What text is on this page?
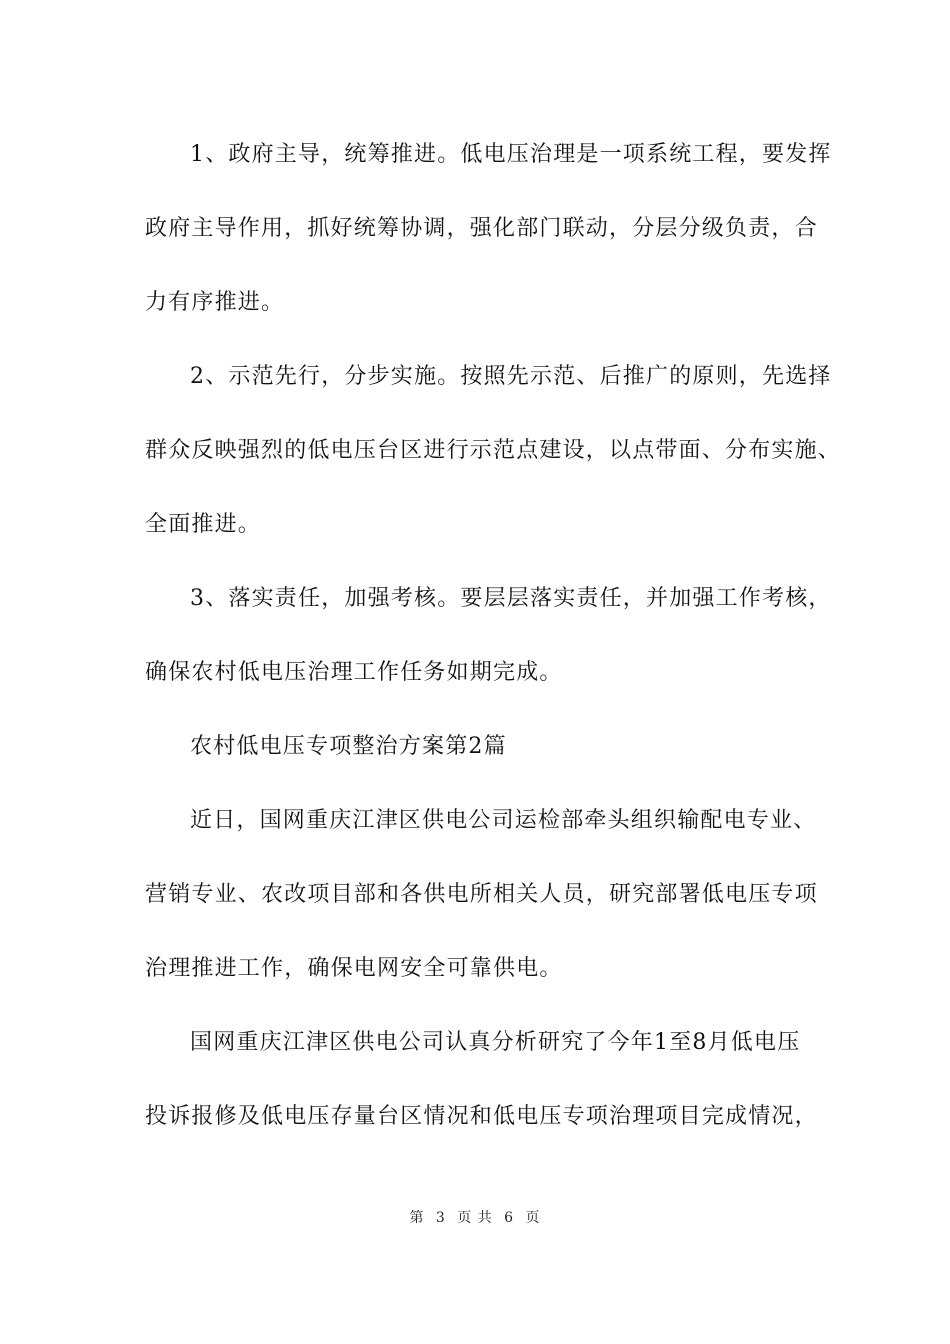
1、政府主导，统筹推进。低电压治理是一项系统工程，要发挥
政府主导作用，抓好统筹协调，强化部门联动，分层分级负责，合
力有序推进。
2、示范先行，分步实施。按照先示范、后推广的原则，先选择
群众反映强烈的低电压台区进行示范点建设，以点带面、分布实施、
全面推进。
3、落实责任，加强考核。要层层落实责任，并加强工作考核，
确保农村低电压治理工作任务如期完成。
农村低电压专项整治方案第2篇
近日，国网重庆江津区供电公司运检部牵头组织输配电专业、
营销专业、农改项目部和各供电所相关人员，研究部署低电压专项
治理推进工作，确保电网安全可靠供电。
国网重庆江津区供电公司认真分析研究了今年1至8月低电压
投诉报修及低电压存量台区情况和低电压专项治理项目完成情况，
第 3 页 共 6 页
